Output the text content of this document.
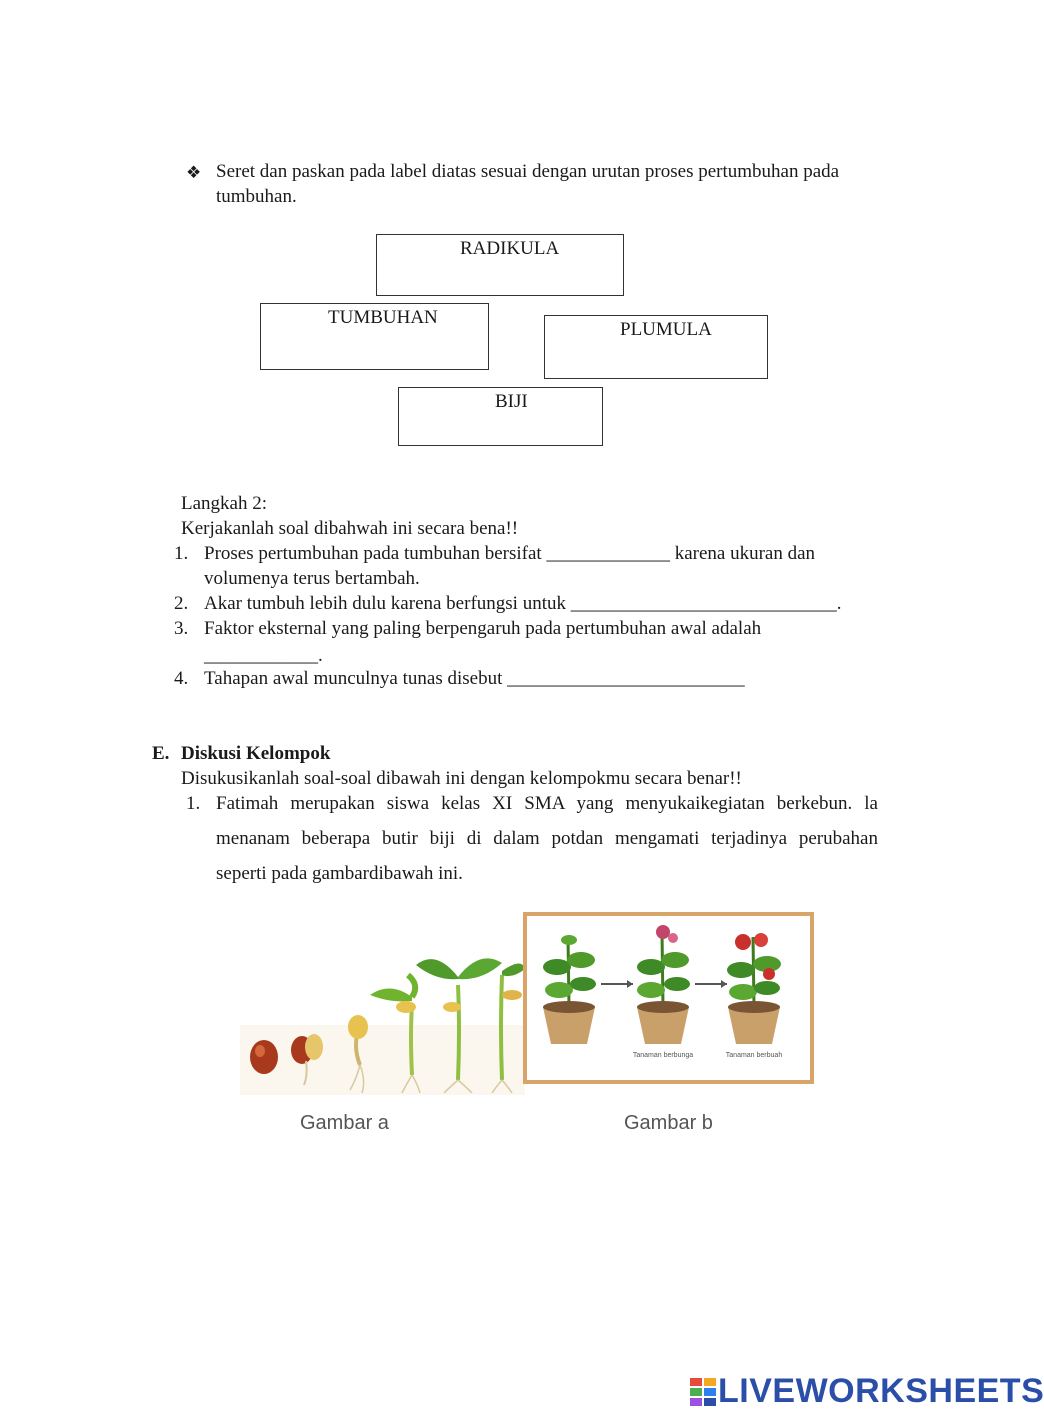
❖ Seret dan paskan pada label diatas sesuai dengan urutan proses pertumbuhan pada
tumbuhan.
RADIKULA
TUMBUHAN
PLUMULA
BIJI
Langkah 2:
Kerjakanlah soal dibahwah ini secara bena!!
1. Proses pertumbuhan pada tumbuhan bersifat _____________ karena ukuran dan
volumenya terus bertambah.
2. Akar tumbuh lebih dulu karena berfungsi untuk ____________________________.
3. Faktor eksternal yang paling berpengaruh pada pertumbuhan awal adalah
____________.
4. Tahapan awal munculnya tunas disebut _________________________
E. Diskusi Kelompok
Disukusikanlah soal-soal dibawah ini dengan kelompokmu secara benar!!
1. Fatimah merupakan siswa kelas XI SMA yang menyukaikegiatan berkebun. la
menanam beberapa butir biji di dalam potdan mengamati terjadinya perubahan
seperti pada gambardibawah ini.
Tanaman berbunga	Tanaman berbuah
Gambar a	Gambar b
LIVEWORKSHEETS
